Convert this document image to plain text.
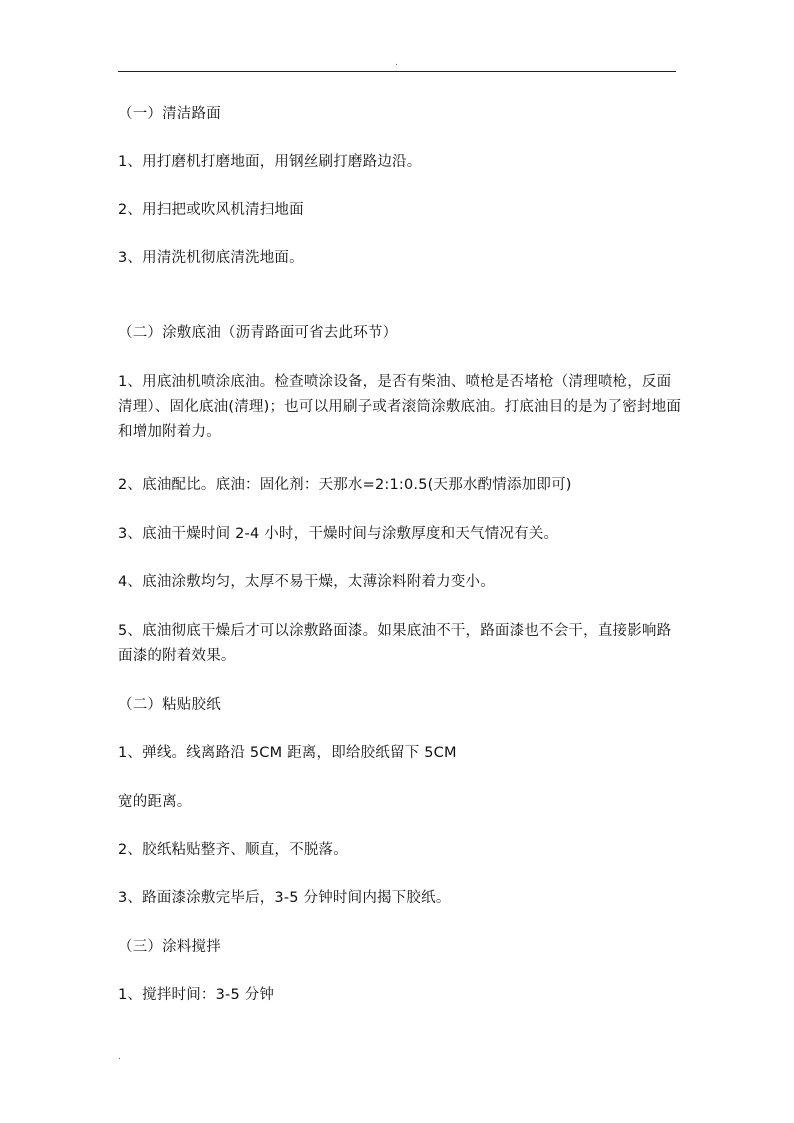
.
（一）清洁路面
1、用打磨机打磨地面，用钢丝刷打磨路边沿。
2、用扫把或吹风机清扫地面
3、用清洗机彻底清洗地面。
（二）涂敷底油（沥青路面可省去此环节）
1、用底油机喷涂底油。检查喷涂设备，是否有柴油、喷枪是否堵枪（清理喷枪，反面清理）、固化底油(清理)；也可以用刷子或者滚筒涂敷底油。打底油目的是为了密封地面和增加附着力。
2、底油配比。底油：固化剂：天那水=2:1:0.5(天那水酌情添加即可)
3、底油干燥时间 2-4 小时，干燥时间与涂敷厚度和天气情况有关。
4、底油涂敷均匀，太厚不易干燥，太薄涂料附着力变小。
5、底油彻底干燥后才可以涂敷路面漆。如果底油不干，路面漆也不会干，直接影响路面漆的附着效果。
（二）粘贴胶纸
1、弹线。线离路沿 5CM 距离，即给胶纸留下 5CM
宽的距离。
2、胶纸粘贴整齐、顺直，不脱落。
3、路面漆涂敷完毕后，3-5 分钟时间内揭下胶纸。
（三）涂料搅拌
1、搅拌时间：3-5 分钟
.
